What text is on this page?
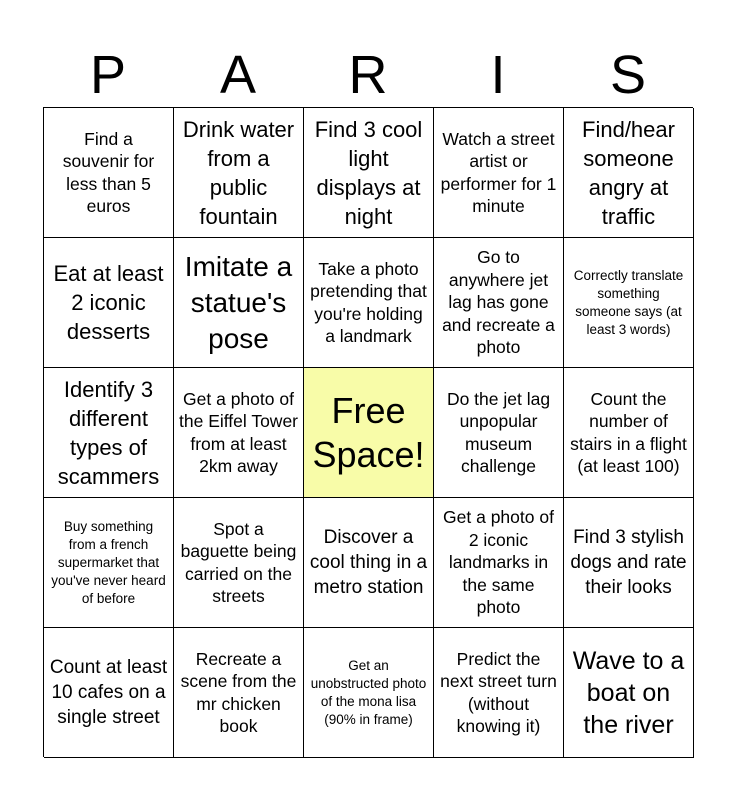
P	A	R	I	S
Find a souvenir for less than 5 euros
Drink water from a public fountain
Find 3 cool light displays at night
Watch a street artist or performer for 1 minute
Find/hear someone angry at traffic
Eat at least 2 iconic desserts
Imitate a statue's pose
Take a photo pretending that you're holding a landmark
Go to anywhere jet lag has gone and recreate a photo
Correctly translate something someone says (at least 3 words)
Identify 3 different types of scammers
Get a photo of the Eiffel Tower from at least 2km away
Free Space!
Do the jet lag unpopular museum challenge
Count the number of stairs in a flight (at least 100)
Buy something from a french supermarket that you've never heard of before
Spot a baguette being carried on the streets
Discover a cool thing in a metro station
Get a photo of 2 iconic landmarks in the same photo
Find 3 stylish dogs and rate their looks
Count at least 10 cafes on a single street
Recreate a scene from the mr chicken book
Get an unobstructed photo of the mona lisa (90% in frame)
Predict the next street turn (without knowing it)
Wave to a boat on the river
